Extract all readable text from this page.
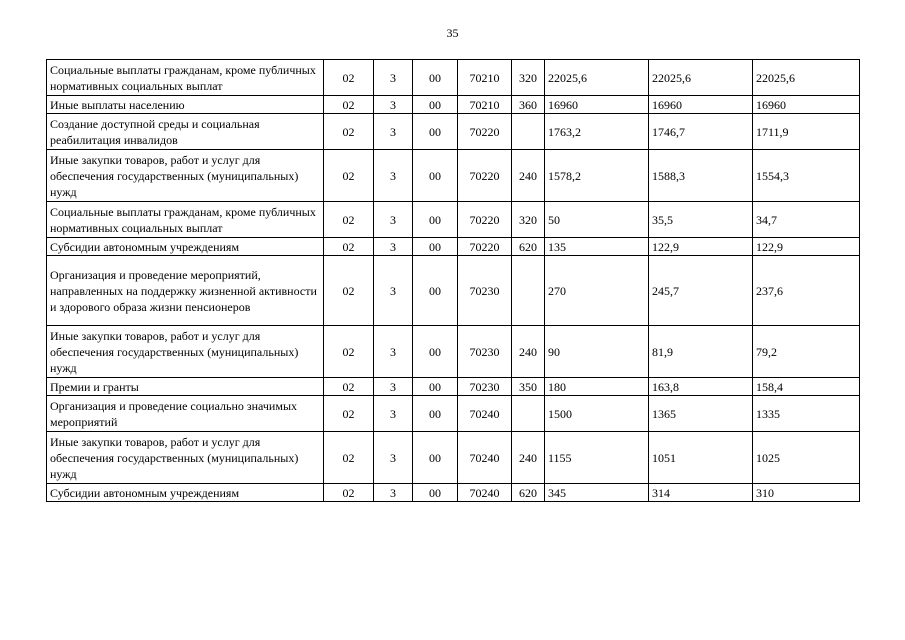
35
Социальные выплаты гражданам, кроме публичных нормативных социальных выплат	02	3	00	70210	320	22025,6	22025,6	22025,6
Иные выплаты населению	02	3	00	70210	360	16960	16960	16960
Создание доступной среды и социальная реабилитация инвалидов	02	3	00	70220		1763,2	1746,7	1711,9
Иные закупки товаров, работ и услуг для обеспечения государственных (муниципальных) нужд	02	3	00	70220	240	1578,2	1588,3	1554,3
Социальные выплаты гражданам, кроме публичных нормативных социальных выплат	02	3	00	70220	320	50	35,5	34,7
Субсидии автономным учреждениям	02	3	00	70220	620	135	122,9	122,9
Организация и проведение мероприятий, направленных на поддержку жизненной активности и здорового образа жизни пенсионеров	02	3	00	70230		270	245,7	237,6
Иные закупки товаров, работ и услуг для обеспечения государственных (муниципальных) нужд	02	3	00	70230	240	90	81,9	79,2
Премии и гранты	02	3	00	70230	350	180	163,8	158,4
Организация и проведение социально значимых мероприятий	02	3	00	70240		1500	1365	1335
Иные закупки товаров, работ и услуг для обеспечения государственных (муниципальных) нужд	02	3	00	70240	240	1155	1051	1025
Субсидии автономным учреждениям	02	3	00	70240	620	345	314	310
